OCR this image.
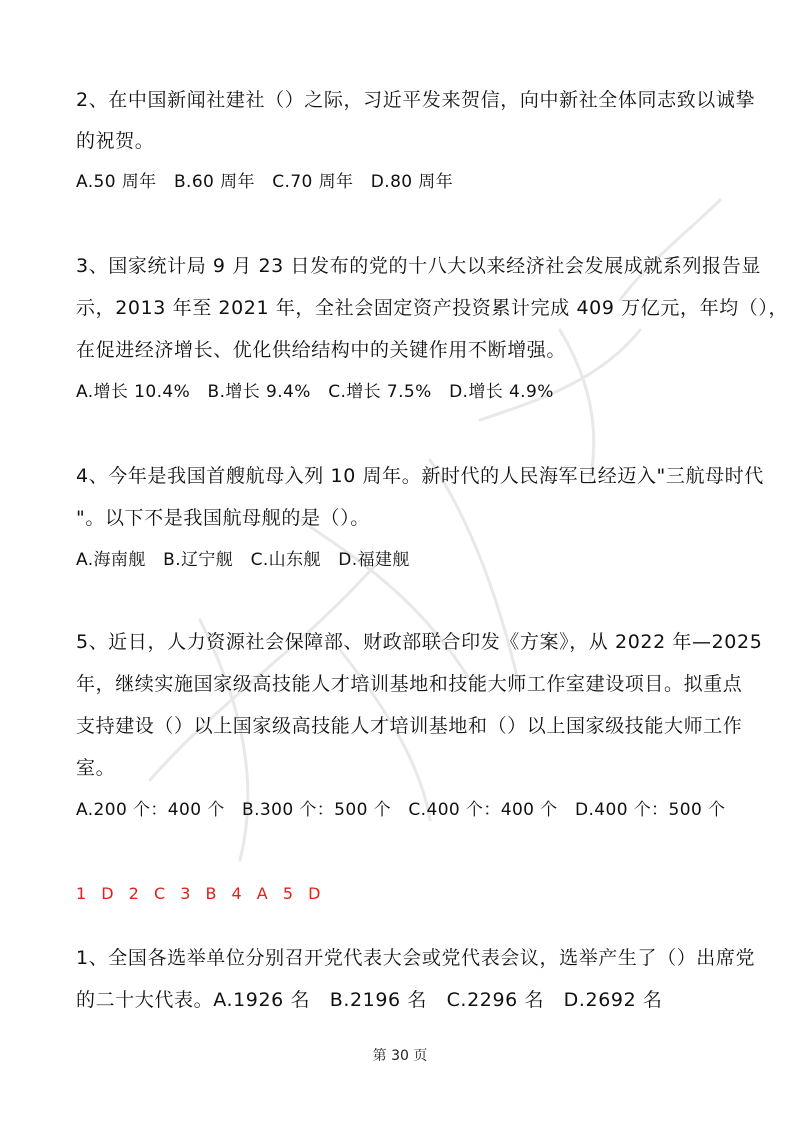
2、在中国新闻社建社（）之际，习近平发来贺信，向中新社全体同志致以诚挚
的祝贺。
A.50 周年　B.60 周年　C.70 周年　D.80 周年
3、国家统计局 9 月 23 日发布的党的十八大以来经济社会发展成就系列报告显
示，2013 年至 2021 年，全社会固定资产投资累计完成 409 万亿元，年均（），
在促进经济增长、优化供给结构中的关键作用不断增强。
A.增长 10.4%　B.增长 9.4%　C.增长 7.5%　D.增长 4.9%
4、今年是我国首艘航母入列 10 周年。新时代的人民海军已经迈入"三航母时代
"。以下不是我国航母舰的是（）。
A.海南舰　B.辽宁舰　C.山东舰　D.福建舰
5、近日，人力资源社会保障部、财政部联合印发《方案》，从 2022 年—2025
年，继续实施国家级高技能人才培训基地和技能大师工作室建设项目。拟重点
支持建设（）以上国家级高技能人才培训基地和（）以上国家级技能大师工作
室。
A.200 个：400 个　B.300 个：500 个　C.400 个：400 个　D.400 个：500 个
1 D 2 C 3 B 4 A 5 D
1、全国各选举单位分别召开党代表大会或党代表会议，选举产生了（）出席党
的二十大代表。A.1926 名　B.2196 名　C.2296 名　D.2692 名
第 30 页
